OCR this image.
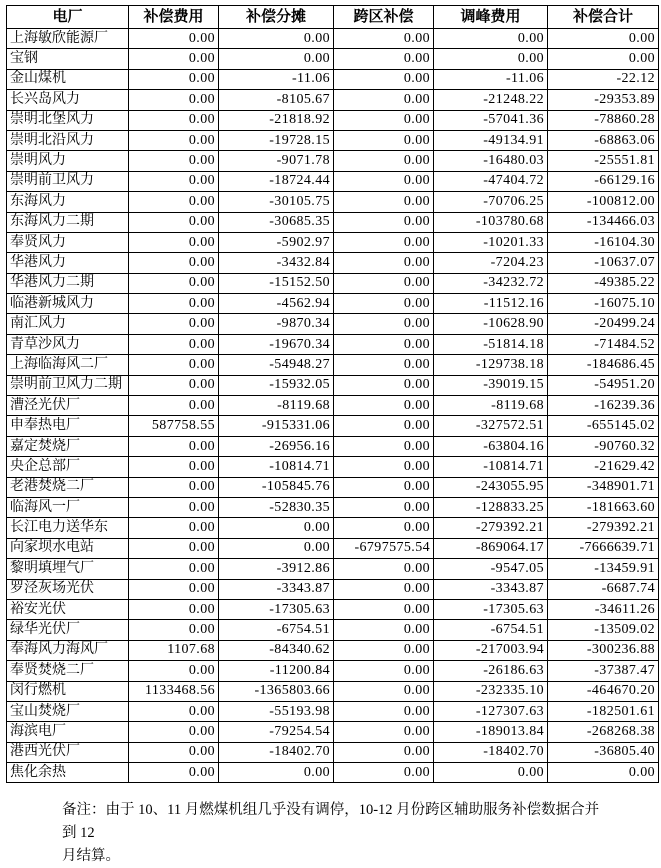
电厂	补偿费用	补偿分摊	跨区补偿	调峰费用	补偿合计
上海敏欣能源厂	0.00	0.00	0.00	0.00	0.00
宝钢	0.00	0.00	0.00	0.00	0.00
金山煤机	0.00	-11.06	0.00	-11.06	-22.12
长兴岛风力	0.00	-8105.67	0.00	-21248.22	-29353.89
崇明北堡风力	0.00	-21818.92	0.00	-57041.36	-78860.28
崇明北沿风力	0.00	-19728.15	0.00	-49134.91	-68863.06
崇明风力	0.00	-9071.78	0.00	-16480.03	-25551.81
崇明前卫风力	0.00	-18724.44	0.00	-47404.72	-66129.16
东海风力	0.00	-30105.75	0.00	-70706.25	-100812.00
东海风力二期	0.00	-30685.35	0.00	-103780.68	-134466.03
奉贤风力	0.00	-5902.97	0.00	-10201.33	-16104.30
华港风力	0.00	-3432.84	0.00	-7204.23	-10637.07
华港风力二期	0.00	-15152.50	0.00	-34232.72	-49385.22
临港新城风力	0.00	-4562.94	0.00	-11512.16	-16075.10
南汇风力	0.00	-9870.34	0.00	-10628.90	-20499.24
青草沙风力	0.00	-19670.34	0.00	-51814.18	-71484.52
上海临海风二厂	0.00	-54948.27	0.00	-129738.18	-184686.45
崇明前卫风力二期	0.00	-15932.05	0.00	-39019.15	-54951.20
漕泾光伏厂	0.00	-8119.68	0.00	-8119.68	-16239.36
申奉热电厂	587758.55	-915331.06	0.00	-327572.51	-655145.02
嘉定焚烧厂	0.00	-26956.16	0.00	-63804.16	-90760.32
央企总部厂	0.00	-10814.71	0.00	-10814.71	-21629.42
老港焚烧二厂	0.00	-105845.76	0.00	-243055.95	-348901.71
临海风一厂	0.00	-52830.35	0.00	-128833.25	-181663.60
长江电力送华东	0.00	0.00	0.00	-279392.21	-279392.21
向家坝水电站	0.00	0.00	-6797575.54	-869064.17	-7666639.71
黎明填埋气厂	0.00	-3912.86	0.00	-9547.05	-13459.91
罗泾灰场光伏	0.00	-3343.87	0.00	-3343.87	-6687.74
裕安光伏	0.00	-17305.63	0.00	-17305.63	-34611.26
绿华光伏厂	0.00	-6754.51	0.00	-6754.51	-13509.02
奉海风力海风厂	1107.68	-84340.62	0.00	-217003.94	-300236.88
奉贤焚烧二厂	0.00	-11200.84	0.00	-26186.63	-37387.47
闵行燃机	1133468.56	-1365803.66	0.00	-232335.10	-464670.20
宝山焚烧厂	0.00	-55193.98	0.00	-127307.63	-182501.61
海滨电厂	0.00	-79254.54	0.00	-189013.84	-268268.38
港西光伏厂	0.00	-18402.70	0.00	-18402.70	-36805.40
焦化余热	0.00	0.00	0.00	0.00	0.00
备注：由于 10、11 月燃煤机组几乎没有调停，10-12 月份跨区辅助服务补偿数据合并到 12
月结算。
